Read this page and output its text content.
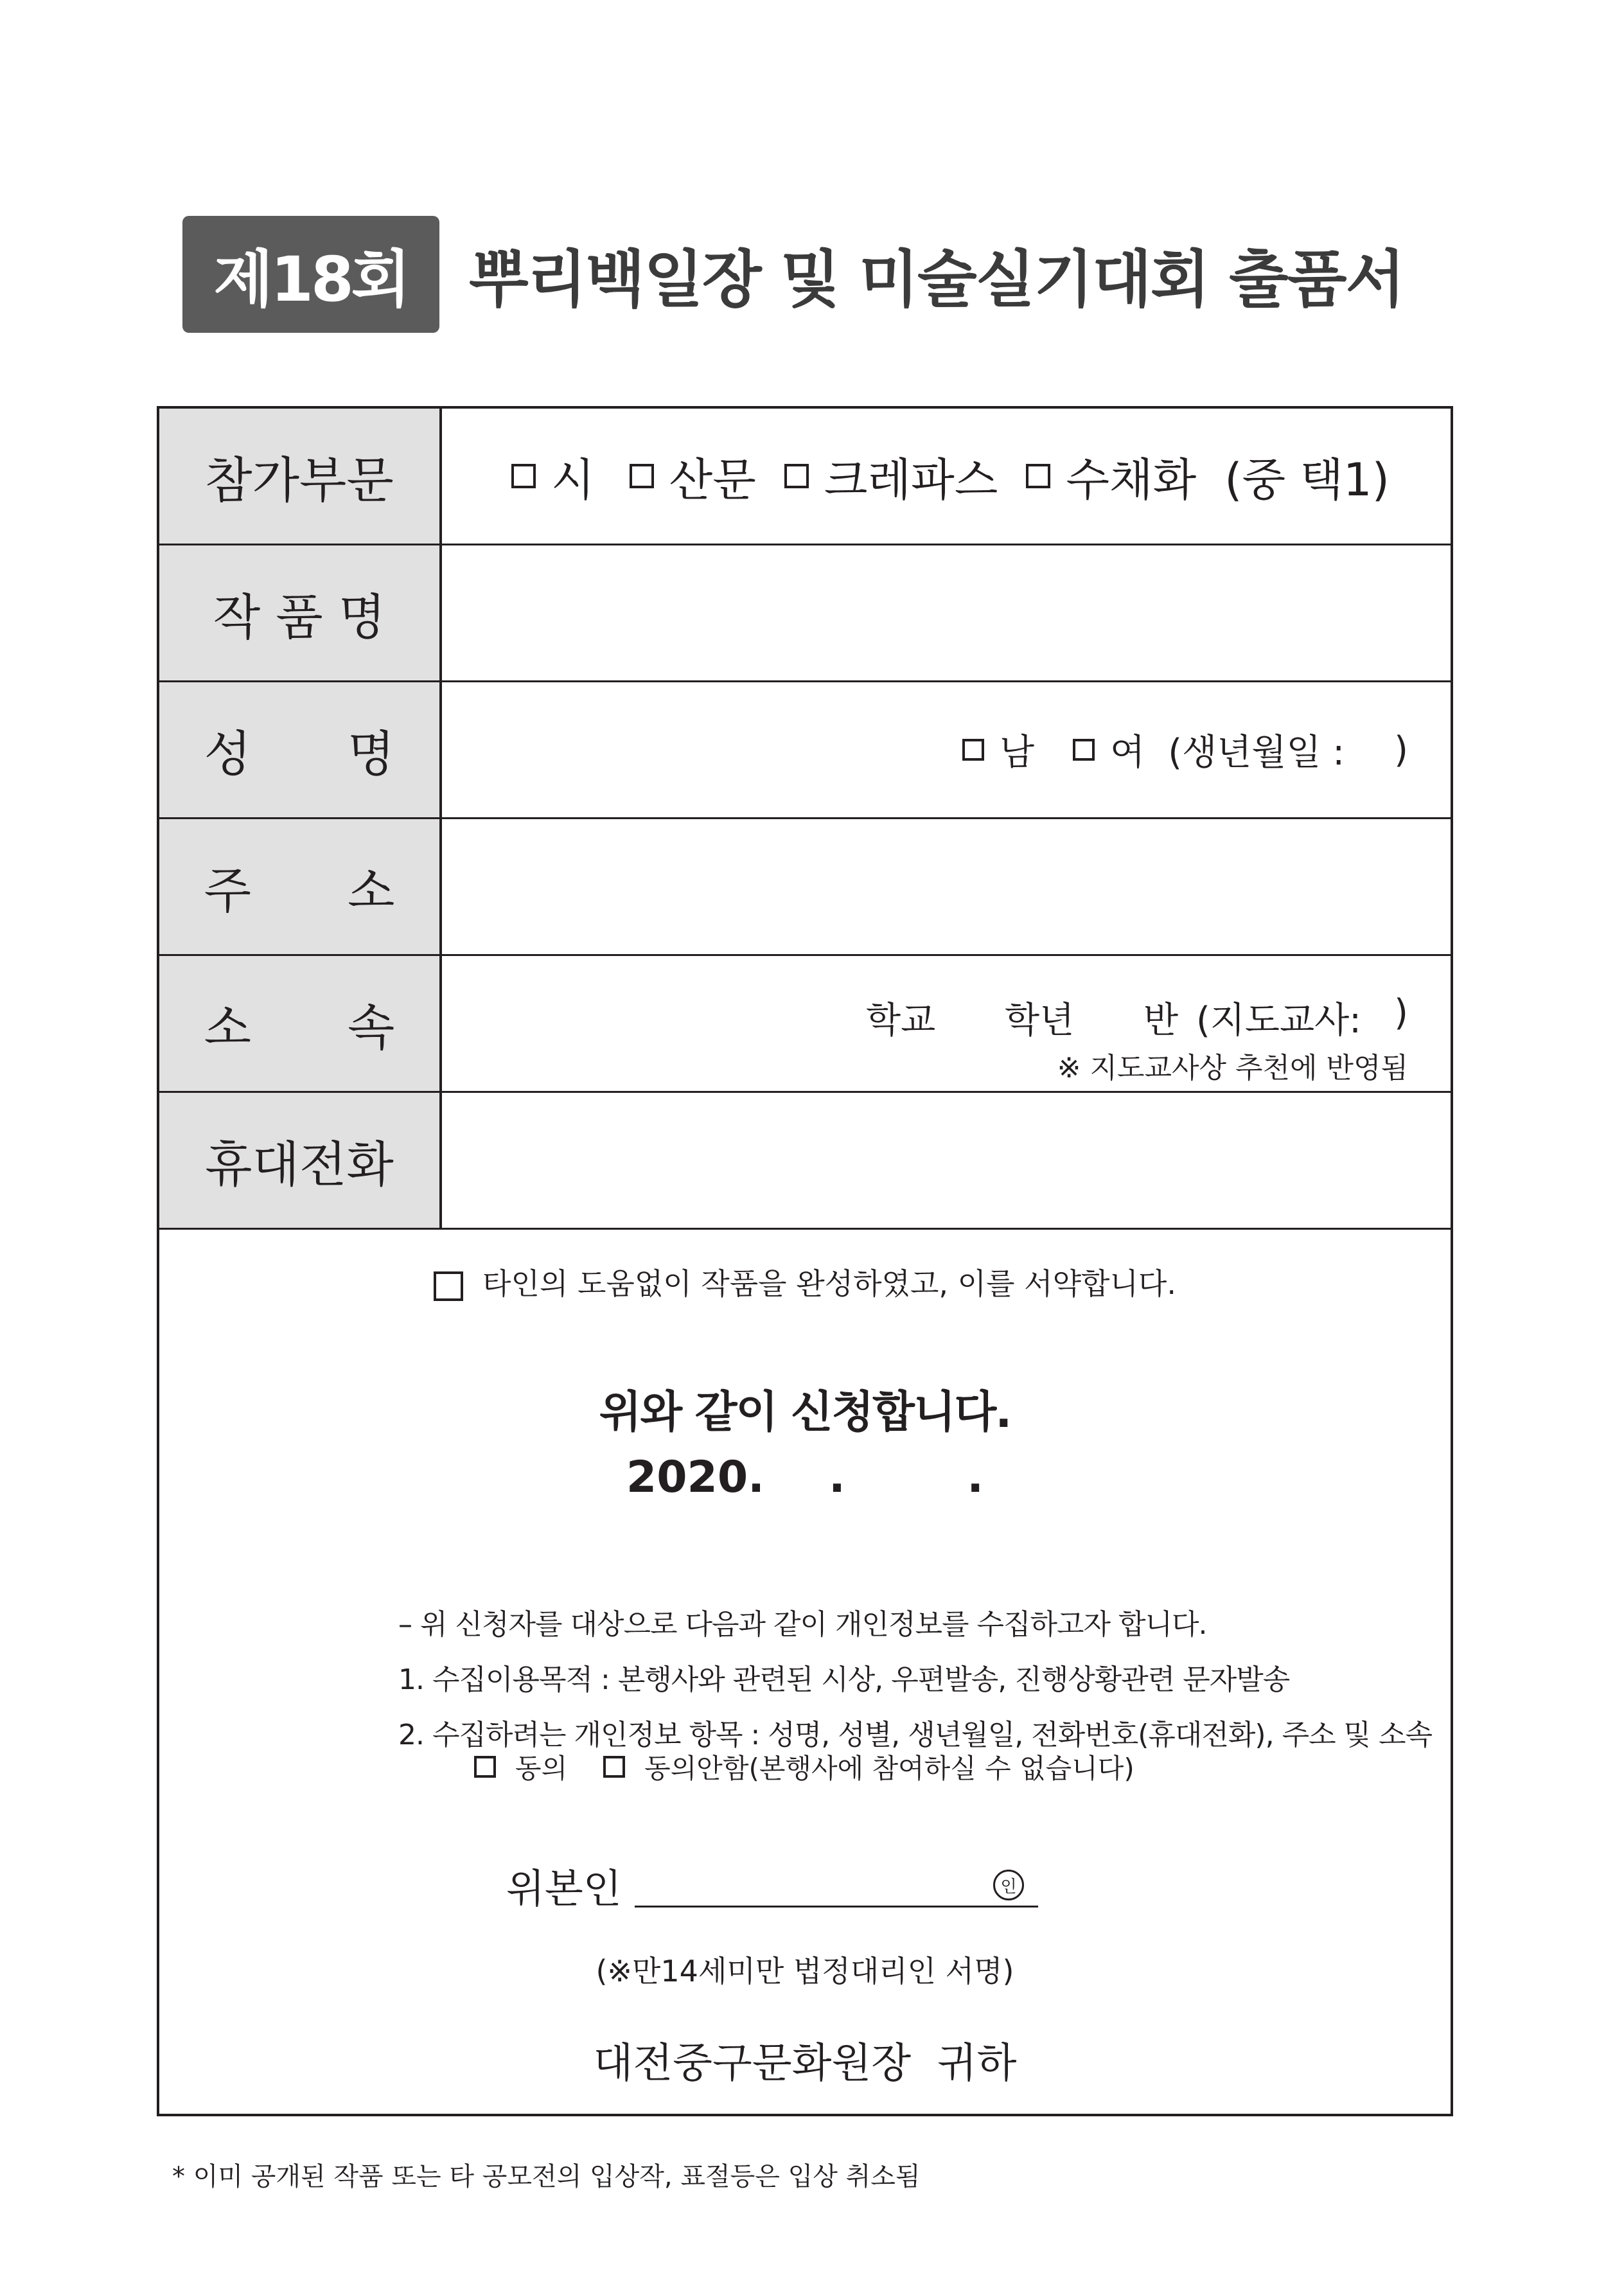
제18회 뿌리백일장 및 미술실기대회 출품서
참가부문	시 산문 크레파스 수채화 (중 택1)
작 품 명
성 명	남 여 (생년월일 : )
주 소
소 속	학교 학년 반 (지도교사: )
※ 지도교사상 추천에 반영됨
휴대전화
타인의 도움없이 작품을 완성하였고, 이를 서약합니다.
위와 같이 신청합니다.
2020. .        .
– 위 신청자를 대상으로 다음과 같이 개인정보를 수집하고자 합니다.
1. 수집이용목적 : 본행사와 관련된 시상, 우편발송, 진행상황관련 문자발송
2. 수집하려는 개인정보 항목 : 성명, 성별, 생년월일, 전화번호(휴대전화), 주소 및 소속
동의	동의안함(본행사에 참여하실 수 없습니다)
위본인	인
(※만14세미만 법정대리인 서명)
대전중구문화원장  귀하
* 이미 공개된 작품 또는 타 공모전의 입상작, 표절등은 입상 취소됨
